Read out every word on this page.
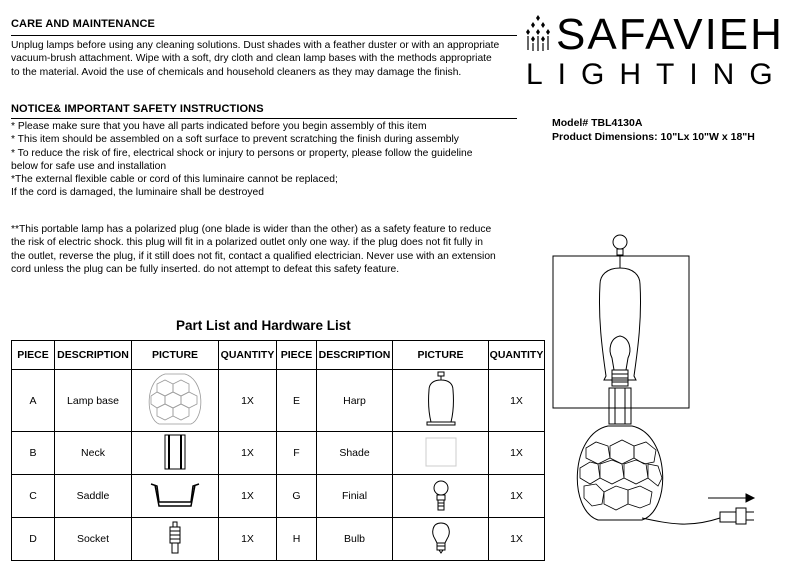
CARE AND MAINTENANCE
Unplug lamps before using any cleaning solutions. Dust shades with a feather duster or with an appropriate
vacuum-brush attachment. Wipe with a soft, dry cloth and clean lamp bases with the methods appropriate
to the material. Avoid the use of chemicals and household cleaners as they may damage the finish.
NOTICE& IMPORTANT SAFETY INSTRUCTIONS
* Please make sure that you have all parts indicated before you begin assembly of this item
* This item should be assembled on a soft surface to prevent scratching the finish during assembly
* To reduce the risk of fire, electrical shock or injury to persons or property, please follow the guideline
below for safe use and installation
*The external flexible cable or cord of this luminaire cannot be replaced;
If the cord is damaged, the luminaire shall be destroyed
**This portable lamp has a polarized plug (one blade is wider than the other) as a safety feature to reduce
the risk of electric shock. this plug will fit in a polarized outlet only one way. if the plug does not fit fully in
the outlet, reverse the plug, if it still does not fit, contact a qualified electrician. Never use with an extension
cord unless the plug can be fully inserted. do not attempt to defeat this safety feature.
SAFAVIEH
LIGHTING
Model# TBL4130A
Product Dimensions: 10"Lx 10"W x 18"H
Part List and Hardware List
PIECE	DESCRIPTION	PICTURE	QUANTITY	PIECE	DESCRIPTION	PICTURE	QUANTITY
A	Lamp base		1X	E	Harp		1X
B	Neck		1X	F	Shade		1X
C	Saddle		1X	G	Finial		1X
D	Socket		1X	H	Bulb		1X
